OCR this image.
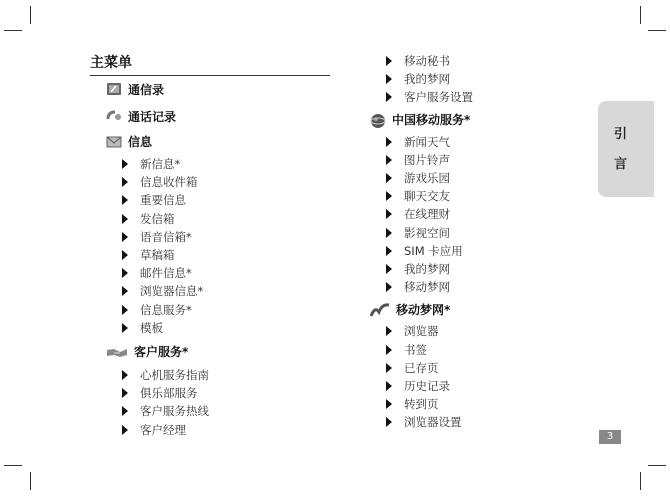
主菜单
通信录
通话记录
信息
新信息*
信息收件箱
重要信息
发信箱
语音信箱*
草稿箱
邮件信息*
浏览器信息*
信息服务*
模板
客户服务*
心机服务指南
俱乐部服务
客户服务热线
客户经理
移动秘书
我的梦网
客户服务设置
中国移动服务*
新闻天气
图片铃声
游戏乐园
聊天交友
在线理财
影视空间
SIM 卡应用
我的梦网
移动梦网
移动梦网*
浏览器
书签
已存页
历史记录
转到页
浏览器设置
引
言
3
